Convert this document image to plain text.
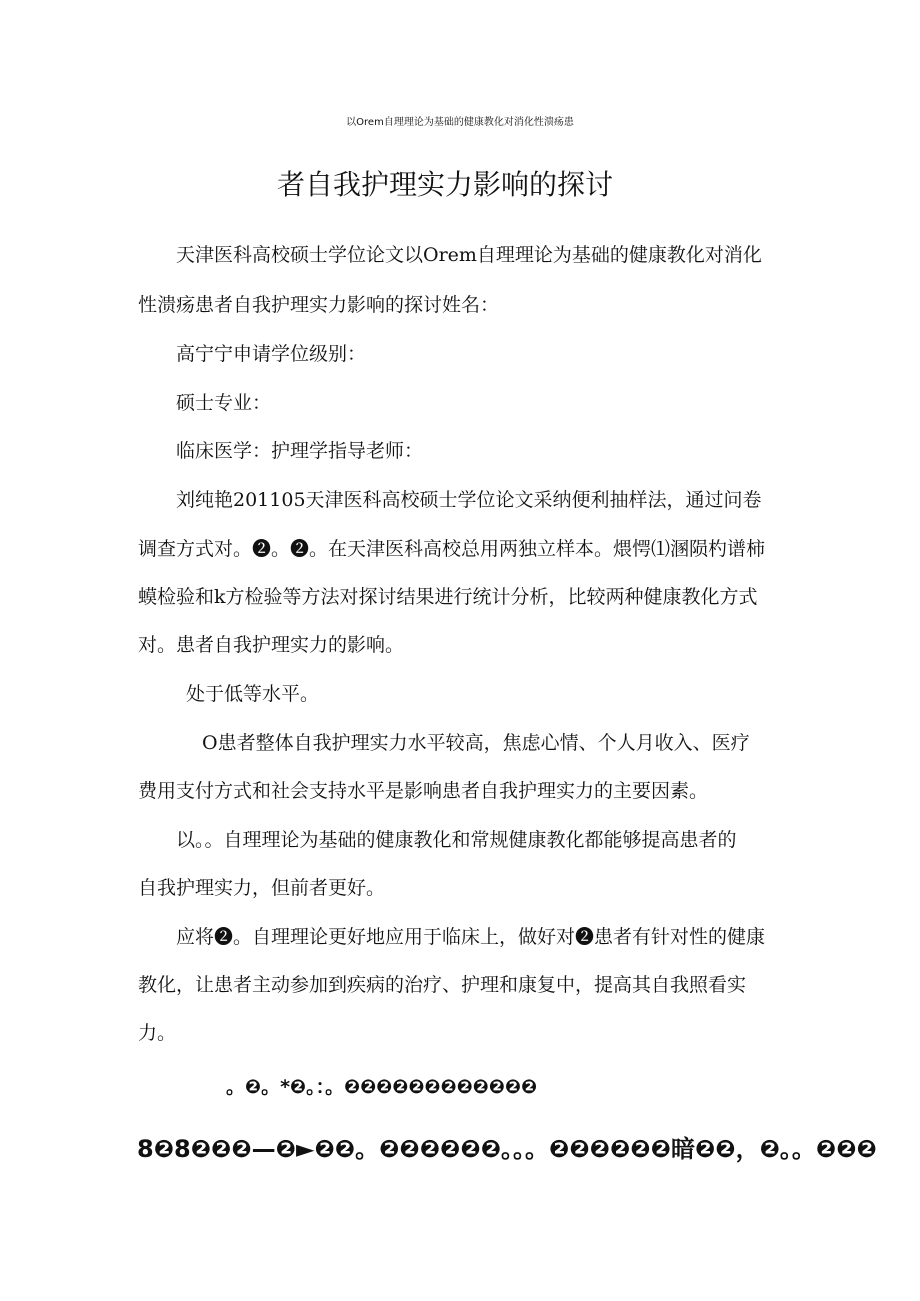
以Orem自理理论为基础的健康教化对消化性溃疡患
者自我护理实力影响的探讨
天津医科高校硕士学位论文以Orem自理理论为基础的健康教化对消化
性溃疡患者自我护理实力影响的探讨姓名：
高宁宁申请学位级别：
硕士专业：
临床医学：护理学指导老师：
刘纯艳201105天津医科高校硕士学位论文采纳便利抽样法，通过问卷
调查方式对。❷。❷。在天津医科高校总用两独立样本。煨愕⑴溷陨杓谱柿
蟆检验和k方检验等方法对探讨结果进行统计分析，比较两种健康教化方式
对。患者自我护理实力的影响。
处于低等水平。
O患者整体自我护理实力水平较高，焦虑心情、个人月收入、医疗
费用支付方式和社会支持水平是影响患者自我护理实力的主要因素。
以。。自理理论为基础的健康教化和常规健康教化都能够提高患者的
自我护理实力，但前者更好。
应将❷。自理理论更好地应用于临床上，做好对❷患者有针对性的健康
教化，让患者主动参加到疾病的治疗、护理和康复中，提高其自我照看实
力。
。❷。*❷。：。❷❷❷❷❷❷❷❷❷❷❷❷
8❷8❷❷❷—❷►❷❷。❷❷❷❷❷❷。。。❷❷❷❷❷❷暗❷❷，❷。。❷❷❷
